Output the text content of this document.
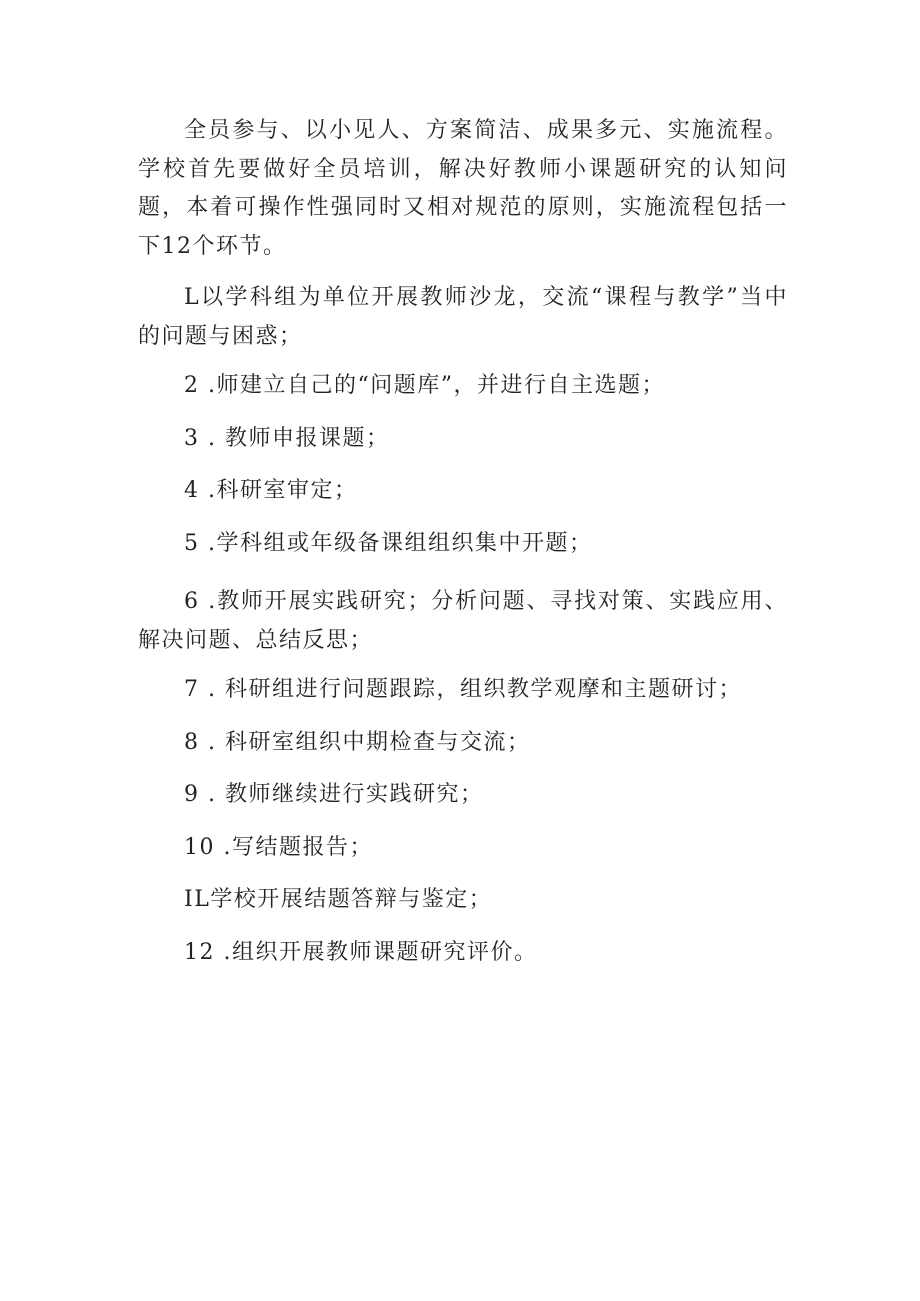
全员参与、以小见人、方案简洁、成果多元、实施流程。学校首先要做好全员培训，解决好教师小课题研究的认知问题，本着可操作性强同时又相对规范的原则，实施流程包括一下12个环节。

L以学科组为单位开展教师沙龙，交流“课程与教学”当中的问题与困惑；

2 .师建立自己的“问题库”，并进行自主选题；

3 . 教师申报课题；

4 .科研室审定；

5 .学科组或年级备课组组织集中开题；

6 .教师开展实践研究；分析问题、寻找对策、实践应用、解决问题、总结反思；

7 . 科研组进行问题跟踪，组织教学观摩和主题研讨；

8 . 科研室组织中期检查与交流；

9 . 教师继续进行实践研究；

10 .写结题报告；

IL学校开展结题答辩与鉴定；

12 .组织开展教师课题研究评价。
